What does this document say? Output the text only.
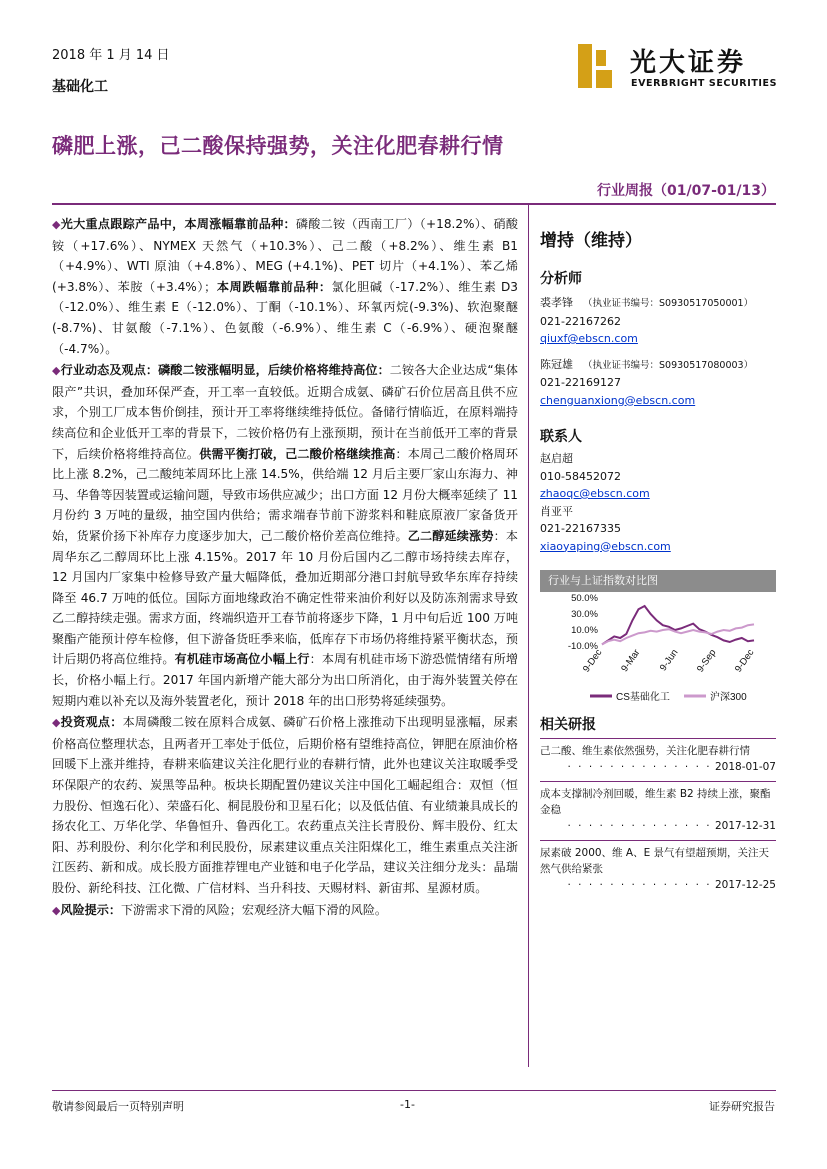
2018 年 1 月 14 日
基础化工
光大证券
EVERBRIGHT SECURITIES
磷肥上涨，己二酸保持强势，关注化肥春耕行情
行业周报（01/07-01/13）

◆光大重点跟踪产品中，本周涨幅靠前品种：磷酸二铵（西南工厂）（+18.2%）、硝酸铵（+17.6%）、NYMEX 天然气（+10.3%）、己二酸（+8.2%）、维生素 B1（+4.9%）、WTI 原油（+4.8%）、MEG (+4.1%)、PET 切片（+4.1%）、苯乙烯(+3.8%）、苯胺（+3.4%）；本周跌幅靠前品种：氯化胆碱（-17.2%）、维生素 D3（-12.0%）、维生素 E（-12.0%）、丁酮（-10.1%）、环氧丙烷(-9.3%)、软泡聚醚(-8.7%)、甘氨酸（-7.1%）、色氨酸（-6.9%）、维生素 C（-6.9%）、硬泡聚醚（-4.7%）。

◆行业动态及观点：磷酸二铵涨幅明显，后续价格将维持高位：二铵各大企业达成“集体限产”共识，叠加环保严查，开工率一直较低。近期合成氨、磷矿石价位居高且供不应求，个别工厂成本售价倒挂，预计开工率将继续维持低位。备储行情临近，在原料端持续高位和企业低开工率的背景下，二铵价格仍有上涨预期，预计在当前低开工率的背景下，后续价格将维持高位。供需平衡打破，己二酸价格继续推高：本周己二酸价格周环比上涨 8.2%，己二酸纯苯周环比上涨 14.5%，供给端 12 月后主要厂家山东海力、神马、华鲁等因装置或运输问题，导致市场供应减少；出口方面 12 月份大概率延续了 11 月份约 3 万吨的量级，抽空国内供给；需求端春节前下游浆料和鞋底原液厂家备货开始，货紧价扬下补库存力度逐步加大，己二酸价格价差高位维持。乙二醇延续涨势：本周华东乙二醇周环比上涨 4.15%。2017 年 10 月份后国内乙二醇市场持续去库存，12 月国内厂家集中检修导致产量大幅降低，叠加近期部分港口封航导致华东库存持续降至 46.7 万吨的低位。国际方面地缘政治不确定性带来油价利好以及防冻剂需求导致乙二醇持续走强。需求方面，终端织造开工春节前将逐步下降，1 月中旬后近 100 万吨聚酯产能预计停车检修，但下游备货旺季来临，低库存下市场仍将维持紧平衡状态，预计后期仍将高位维持。有机硅市场高位小幅上行：本周有机硅市场下游恐慌情绪有所增长，价格小幅上行。2017 年国内新增产能大部分为出口所消化，由于海外装置关停在短期内难以补充以及海外装置老化，预计 2018 年的出口形势将延续强势。

◆投资观点：本周磷酸二铵在原料合成氨、磷矿石价格上涨推动下出现明显涨幅，尿素价格高位整理状态，且两者开工率处于低位，后期价格有望维持高位，钾肥在原油价格回暖下上涨并维持，春耕来临建议关注化肥行业的春耕行情，此外也建议关注取暖季受环保限产的农药、炭黑等品种。板块长期配置仍建议关注中国化工崛起组合：双恒（恒力股份、恒逸石化）、荣盛石化、桐昆股份和卫星石化；以及低估值、有业绩兼具成长的扬农化工、万华化学、华鲁恒升、鲁西化工。农药重点关注长青股份、辉丰股份、红太阳、苏利股份、利尔化学和利民股份，尿素建议重点关注阳煤化工，维生素重点关注浙江医药、新和成。成长股方面推荐锂电产业链和电子化学品，建议关注细分龙头：晶瑞股份、新纶科技、江化微、广信材料、当升科技、天赐材料、新宙邦、星源材质。

◆风险提示：下游需求下滑的风险；宏观经济大幅下滑的风险。

增持（维持）
分析师
裘孝锋 （执业证书编号：S0930517050001）
021-22167262
qiuxf@ebscn.com
陈冠雄 （执业证书编号：S0930517080003）
021-22169127
chenguanxiong@ebscn.com
联系人
赵启超
010-58452072
zhaoqc@ebscn.com
肖亚平
021-22167335
xiaoyaping@ebscn.com
行业与上证指数对比图
50.0%
30.0%
10.0%
-10.0%
9-Dec 9-Mar 9-Jun 9-Sep 9-Dec
CS基础化工	沪深300
相关研报
己二酸、维生素依然强势，关注化肥春耕行情
· · · · · · · · · · · · · · 2018-01-07
成本支撑制冷剂回暖，维生素 B2 持续上涨，聚酯金稳
· · · · · · · · · · · · · · 2017-12-31
尿素破 2000、维 A、E 景气有望超预期，关注天然气供给紧张
· · · · · · · · · · · · · · 2017-12-25
敬请参阅最后一页特别声明	-1-	证券研究报告
